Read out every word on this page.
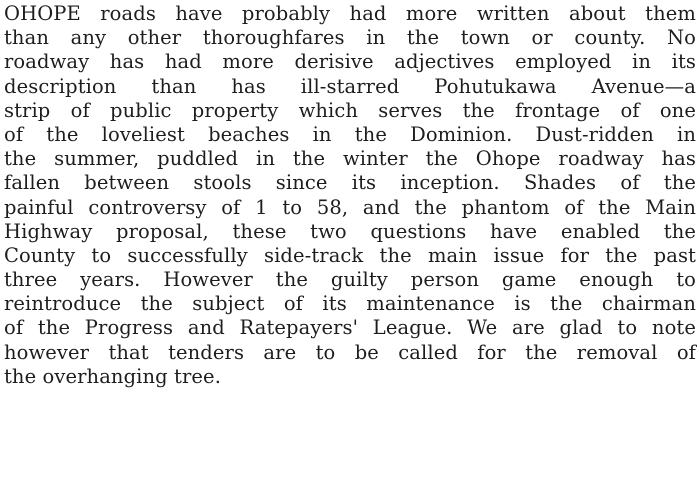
OHOPE roads have probably had more written about them
than any other thoroughfares in the town or county. No
roadway has had more derisive adjectives employed in its
description than has ill-starred Pohutukawa Avenue—a
strip of public property which serves the frontage of one
of the loveliest beaches in the Dominion. Dust-ridden in
the summer, puddled in the winter the Ohope roadway has
fallen between stools since its inception. Shades of the
painful controversy of 1 to 58, and the phantom of the Main
Highway proposal, these two questions have enabled the
County to successfully side-track the main issue for the past
three years. However the guilty person game enough to
reintroduce the subject of its maintenance is the chairman
of the Progress and Ratepayers' League. We are glad to note
however that tenders are to be called for the removal of
the overhanging tree.
